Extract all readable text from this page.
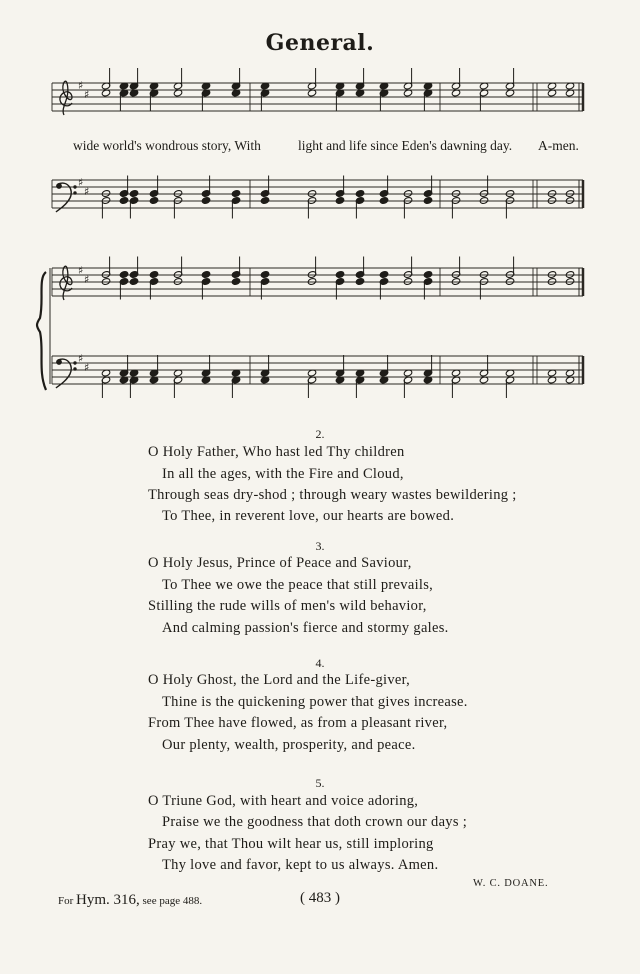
General.
♯
♯
♯
♯
♯
♯
♯
♯
wide world's wondrous story, With	light and life since Eden's dawning day. A-men.
2.
O Holy Father, Who hast led Thy children
In all the ages, with the Fire and Cloud,
Through seas dry-shod ; through weary wastes bewildering ;
To Thee, in reverent love, our hearts are bowed.
3.
O Holy Jesus, Prince of Peace and Saviour,
To Thee we owe the peace that still prevails,
Stilling the rude wills of men's wild behavior,
And calming passion's fierce and stormy gales.
4.
O Holy Ghost, the Lord and the Life-giver,
Thine is the quickening power that gives increase.
From Thee have flowed, as from a pleasant river,
Our plenty, wealth, prosperity, and peace.
5.
O Triune God, with heart and voice adoring,
Praise we the goodness that doth crown our days ;
Pray we, that Thou wilt hear us, still imploring
Thy love and favor, kept to us always. Amen.
W. C. DOANE.
For Hym. 316, see page 488.	( 483 )
